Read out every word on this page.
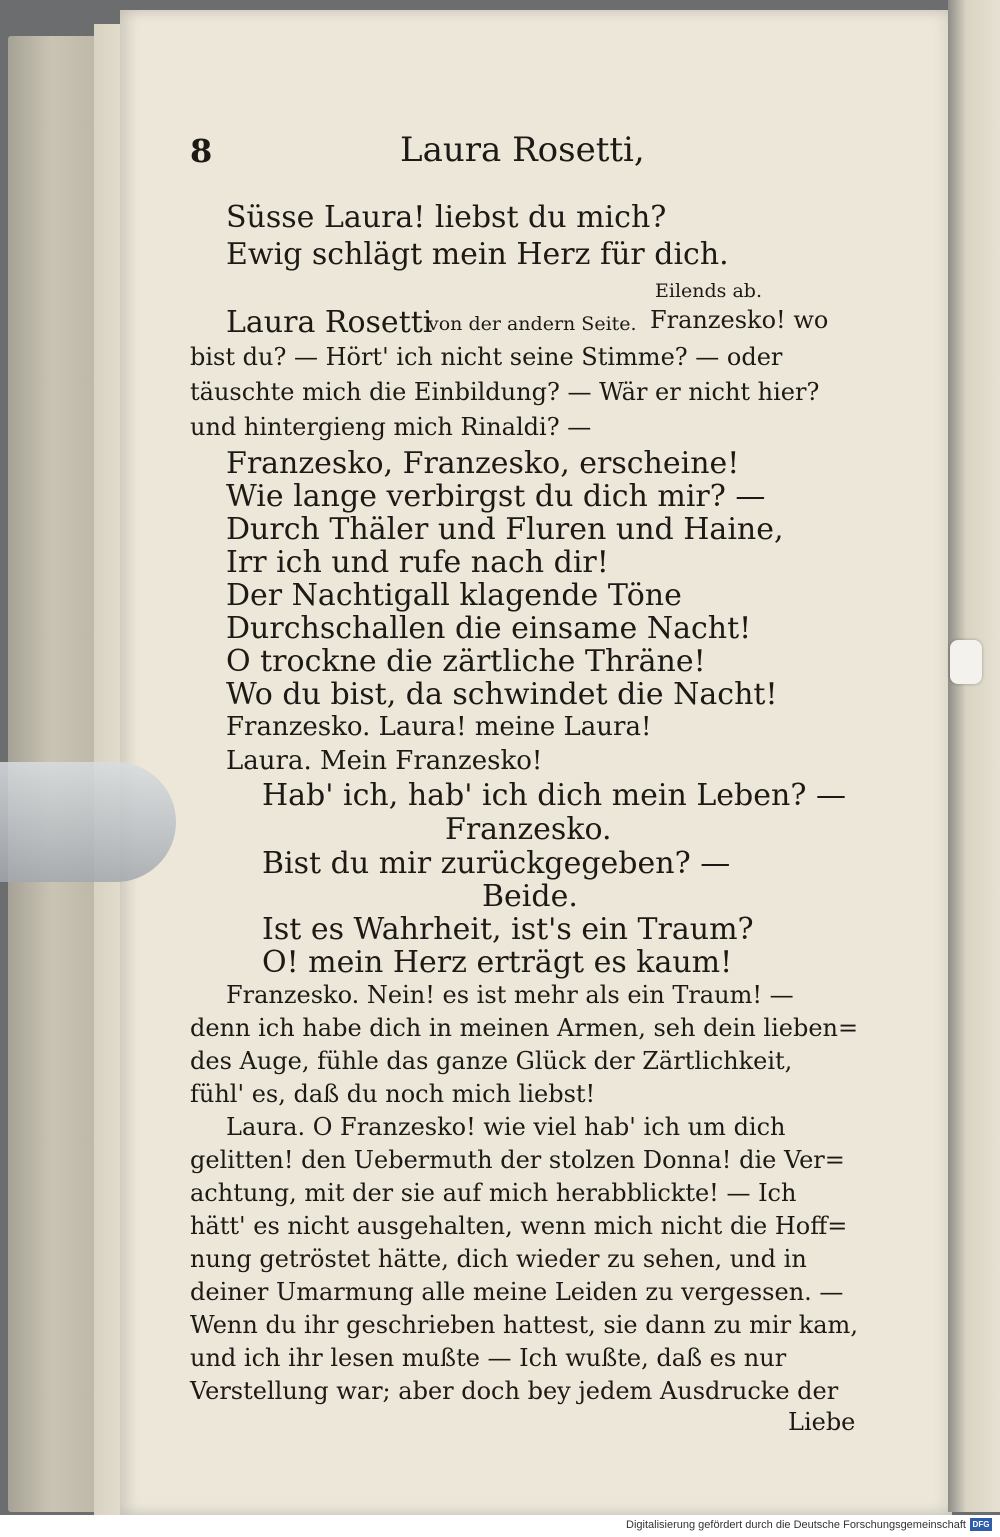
8	Laura Rosetti,
Süsse Laura! liebst du mich?
Ewig schlägt mein Herz für dich.
Eilends ab.
Laura Rosetti
von der andern Seite. Franzesko! wo
bist du? — Hört' ich nicht seine Stimme? — oder
täuschte mich die Einbildung? — Wär er nicht hier?
und hintergieng mich Rinaldi? —
Franzesko, Franzesko, erscheine!
Wie lange verbirgst du dich mir? —
Durch Thäler und Fluren und Haine,
Irr ich und rufe nach dir!
Der Nachtigall klagende Töne
Durchschallen die einsame Nacht!
O trockne die zärtliche Thräne!
Wo du bist, da schwindet die Nacht!
Franzesko. Laura! meine Laura!
Laura. Mein Franzesko!
Hab' ich, hab' ich dich mein Leben? —
Franzesko.
Bist du mir zurückgegeben? —
Beide.
Ist es Wahrheit, ist's ein Traum?
O! mein Herz erträgt es kaum!
Franzesko. Nein! es ist mehr als ein Traum! —
denn ich habe dich in meinen Armen, seh dein lieben=
des Auge, fühle das ganze Glück der Zärtlichkeit,
fühl' es, daß du noch mich liebst!
Laura. O Franzesko! wie viel hab' ich um dich
gelitten! den Uebermuth der stolzen Donna! die Ver=
achtung, mit der sie auf mich herabblickte! — Ich
hätt' es nicht ausgehalten, wenn mich nicht die Hoff=
nung getröstet hätte, dich wieder zu sehen, und in
deiner Umarmung alle meine Leiden zu vergessen. —
Wenn du ihr geschrieben hattest, sie dann zu mir kam,
und ich ihr lesen mußte — Ich wußte, daß es nur
Verstellung war; aber doch bey jedem Ausdrucke der
Liebe
Digitalisierung gefördert durch die Deutsche Forschungsgemeinschaft DFG
